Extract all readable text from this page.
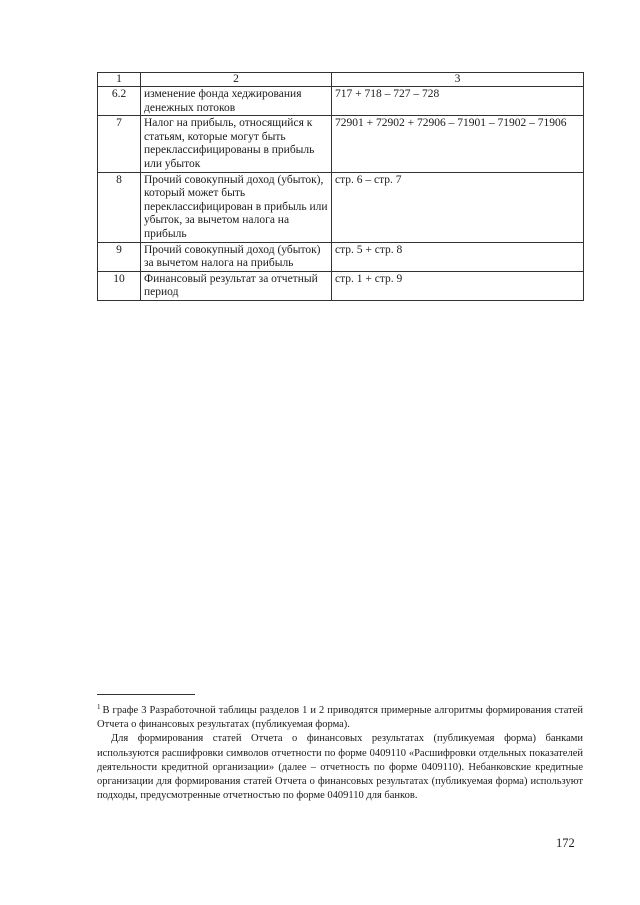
1	2	3
6.2	изменение фонда хеджирования денежных потоков	717 + 718 – 727 – 728
7	Налог на прибыль, относящийся к статьям, которые могут быть переклассифицированы в прибыль или убыток	72901 + 72902 + 72906 – 71901 – 71902 – 71906
8	Прочий совокупный доход (убыток), который может быть переклассифицирован в прибыль или убыток, за вычетом налога на прибыль	стр. 6 – стр. 7
9	Прочий совокупный доход (убыток) за вычетом налога на прибыль	стр. 5 + стр. 8
10	Финансовый результат за отчетный период	стр. 1 + стр. 9

$^1$ В графе 3 Разработочной таблицы разделов 1 и 2 приводятся примерные алгоритмы формирования статей Отчета о финансовых результатах (публикуемая форма).

Для формирования статей Отчета о финансовых результатах (публикуемая форма) банками используются расшифровки символов отчетности по форме 0409110 «Расшифровки отдельных показателей деятельности кредитной организации» (далее – отчетность по форме 0409110). Небанковские кредитные организации для формирования статей Отчета о финансовых результатах (публикуемая форма) используют подходы, предусмотренные отчетностью по форме 0409110 для банков.

172
